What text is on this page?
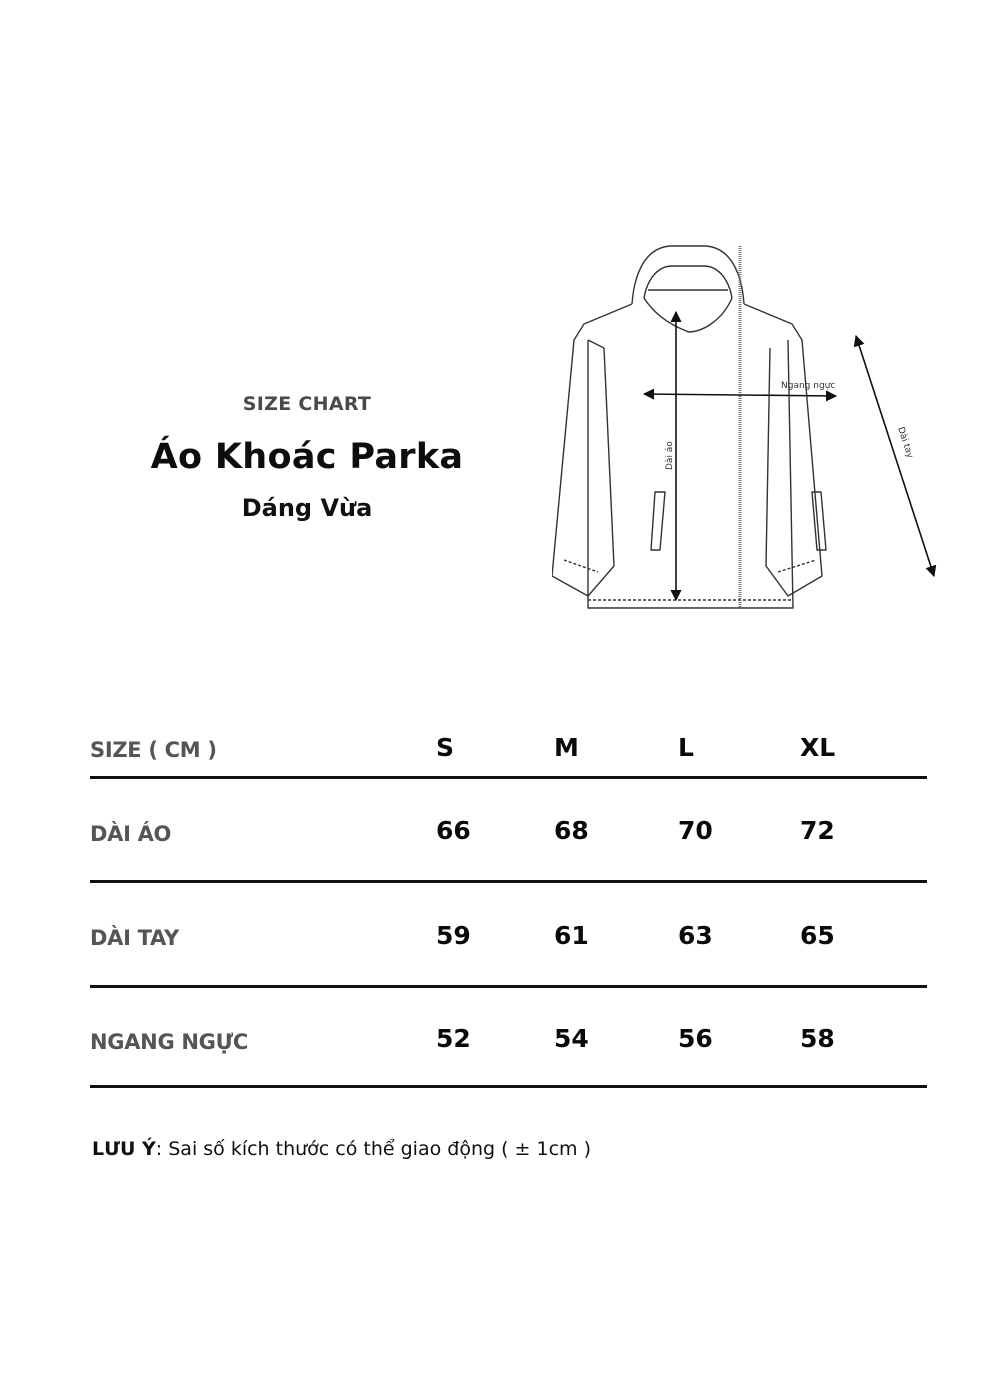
SIZE CHART
Áo Khoác Parka
Dáng Vừa
Ngang ngực
Dài áo	Dài tay
SIZE ( CM )	S	M	L	XL
DÀI ÁO	66	68	70	72
DÀI TAY	59	61	63	65
NGANG NGỰC	52	54	56	58
LƯU Ý: Sai số kích thước có thể giao động ( ± 1cm )
